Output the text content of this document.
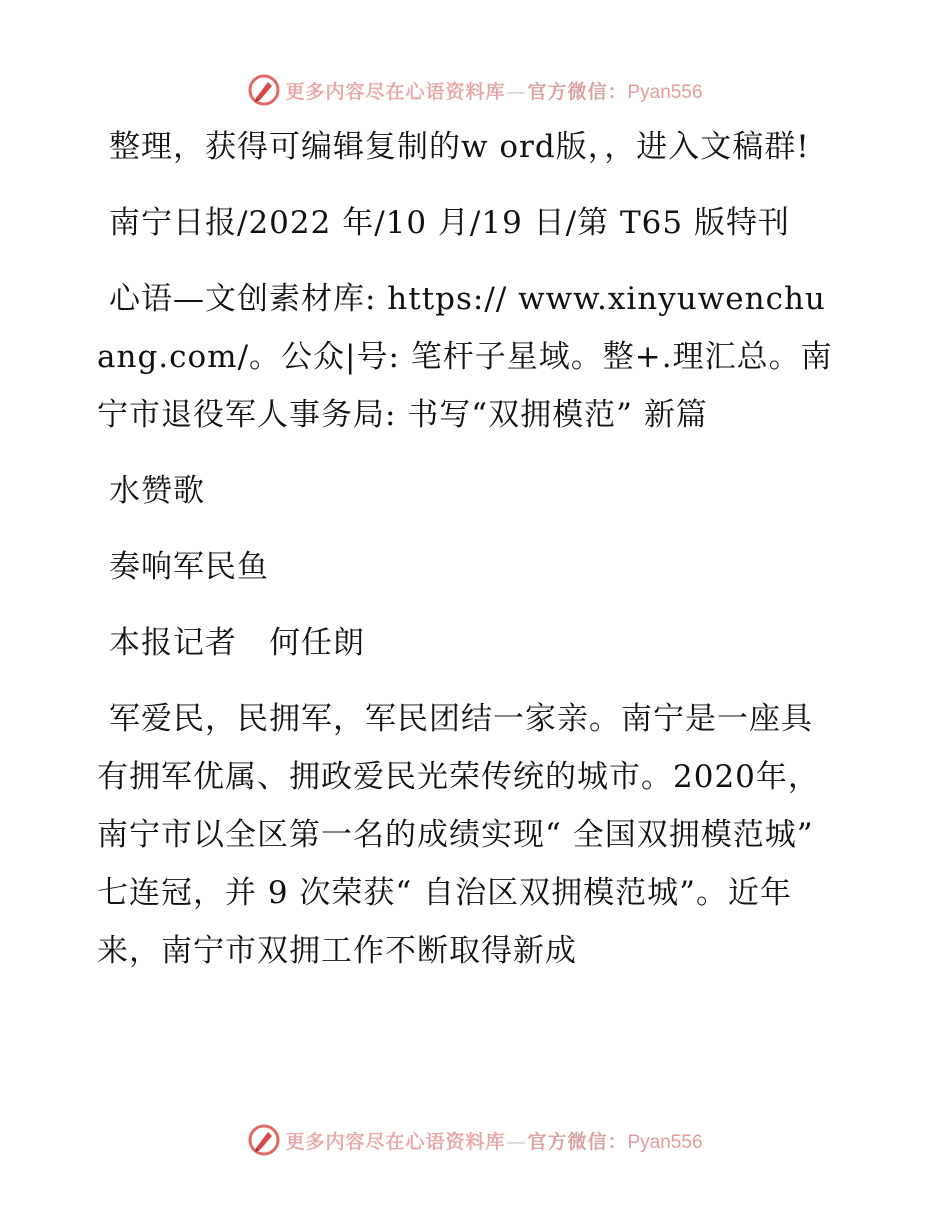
更多内容尽在心语资料库—官方微信：Pyan556

整理，获得可编辑复制的w ord版，，进入文稿群!

南宁日报/2022 年/10 月/19 日/第 T65 版特刊

心语—文创素材库: https:// www.xinyuwenchuang.com/。公众|号: 笔杆子星域。整+.理汇总。南宁市退役军人事务局: 书写“双拥模范” 新篇

水赞歌

奏响军民鱼

本报记者　何任朗

军爱民，民拥军，军民团结一家亲。南宁是一座具有拥军优属、拥政爱民光荣传统的城市。2020年，南宁市以全区第一名的成绩实现“ 全国双拥模范城” 七连冠，并 9 次荣获“ 自治区双拥模范城”。近年来，南宁市双拥工作不断取得新成

更多内容尽在心语资料库—官方微信：Pyan556
